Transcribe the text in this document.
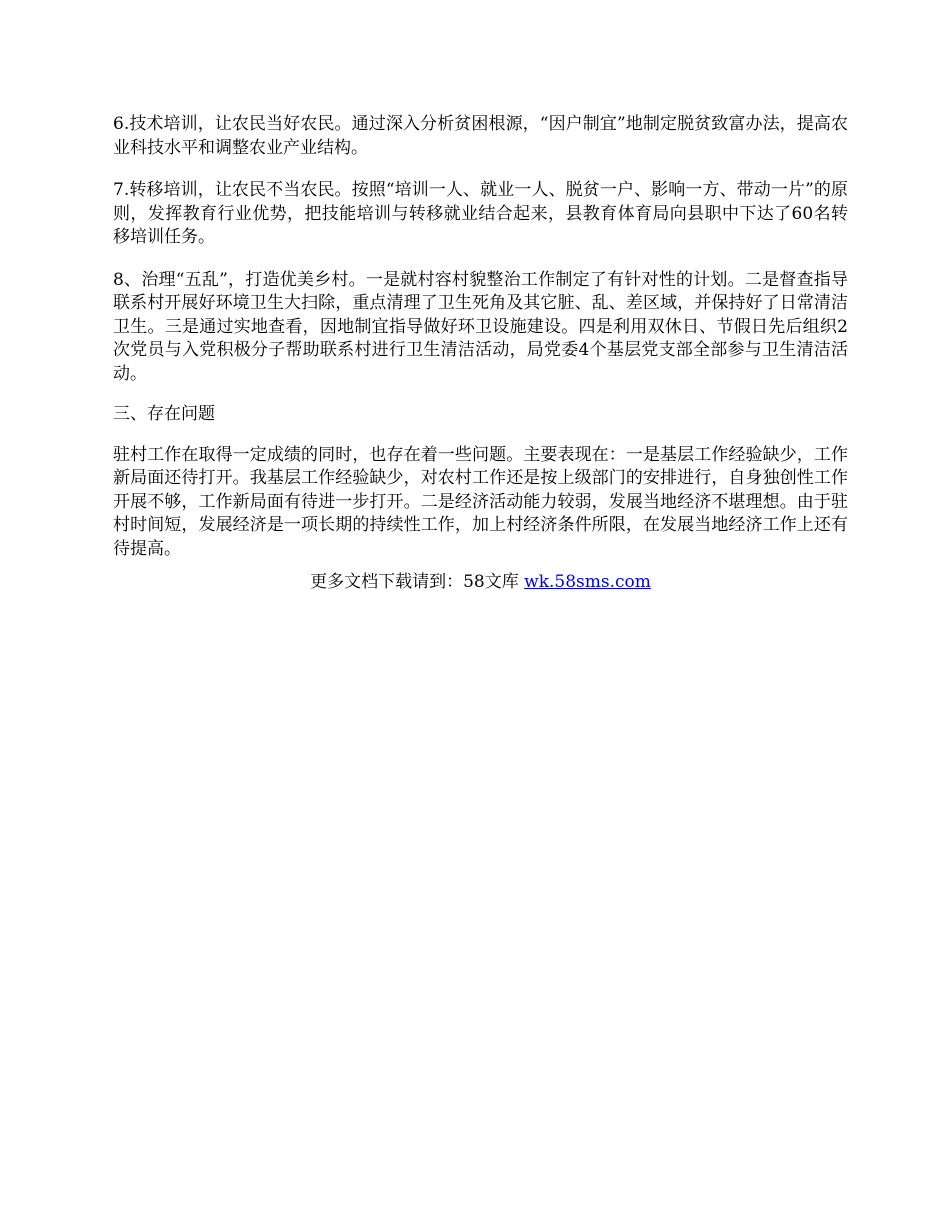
6.技术培训，让农民当好农民。通过深入分析贫困根源，“因户制宜”地制定脱贫致富办法，提高农业科技水平和调整农业产业结构。

7.转移培训，让农民不当农民。按照“培训一人、就业一人、脱贫一户、影响一方、带动一片”的原则，发挥教育行业优势，把技能培训与转移就业结合起来，县教育体育局向县职中下达了60名转移培训任务。

8、治理“五乱”，打造优美乡村。一是就村容村貌整治工作制定了有针对性的计划。二是督查指导联系村开展好环境卫生大扫除，重点清理了卫生死角及其它脏、乱、差区域，并保持好了日常清洁卫生。三是通过实地查看，因地制宜指导做好环卫设施建设。四是利用双休日、节假日先后组织2次党员与入党积极分子帮助联系村进行卫生清洁活动，局党委4个基层党支部全部参与卫生清洁活动。

三、存在问题

驻村工作在取得一定成绩的同时，也存在着一些问题。主要表现在：一是基层工作经验缺少，工作新局面还待打开。我基层工作经验缺少，对农村工作还是按上级部门的安排进行，自身独创性工作开展不够，工作新局面有待进一步打开。二是经济活动能力较弱，发展当地经济不堪理想。由于驻村时间短，发展经济是一项长期的持续性工作，加上村经济条件所限，在发展当地经济工作上还有待提高。

更多文档下载请到：58文库 wk.58sms.com
